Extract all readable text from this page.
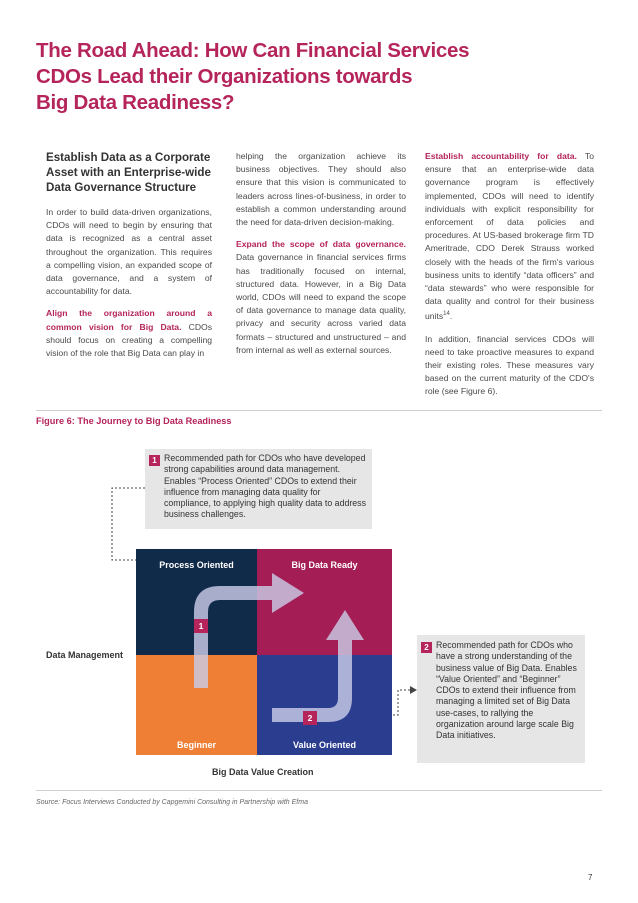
The Road Ahead: How Can Financial Services
CDOs Lead their Organizations towards
Big Data Readiness?
Establish Data as a Corporate Asset with an Enterprise-wide Data Governance Structure

In order to build data-driven organizations, CDOs will need to begin by ensuring that data is recognized as a central asset throughout the organization. This requires a compelling vision, an expanded scope of data governance, and a system of accountability for data.

Align the organization around a common vision for Big Data. CDOs should focus on creating a compelling vision of the role that Big Data can play in

helping the organization achieve its business objectives. They should also ensure that this vision is communicated to leaders across lines-of-business, in order to establish a common understanding around the need for data-driven decision-making.

Expand the scope of data governance. Data governance in financial services firms has traditionally focused on internal, structured data. However, in a Big Data world, CDOs will need to expand the scope of data governance to manage data quality, privacy and security across varied data formats – structured and unstructured – and from internal as well as external sources.

Establish accountability for data. To ensure that an enterprise-wide data governance program is effectively implemented, CDOs will need to identify individuals with explicit responsibility for enforcement of data policies and procedures. At US-based brokerage firm TD Ameritrade, CDO Derek Strauss worked closely with the heads of the firm's various business units to identify “data officers” and “data stewards” who were responsible for data quality and control for their business units$^{14}$.

In addition, financial services CDOs will need to take proactive measures to expand their existing roles. These measures vary based on the current maturity of the CDO's role (see Figure 6).

Figure 6: The Journey to Big Data Readiness
1 Recommended path for CDOs who have developed strong capabilities around data management. Enables “Process Oriented” CDOs to extend their influence from managing data quality for compliance, to applying high quality data to address business challenges.
Process Oriented	Big Data Ready
Beginner	Value Oriented
1
2
Data Management
Big Data Value Creation
2 Recommended path for CDOs who have a strong understanding of the business value of Big Data. Enables “Value Oriented” and “Beginner” CDOs to extend their influence from managing a limited set of Big Data use-cases, to rallying the organization around large scale Big Data initiatives.
Source: Focus Interviews Conducted by Capgemini Consulting in Partnership with Efma
7
